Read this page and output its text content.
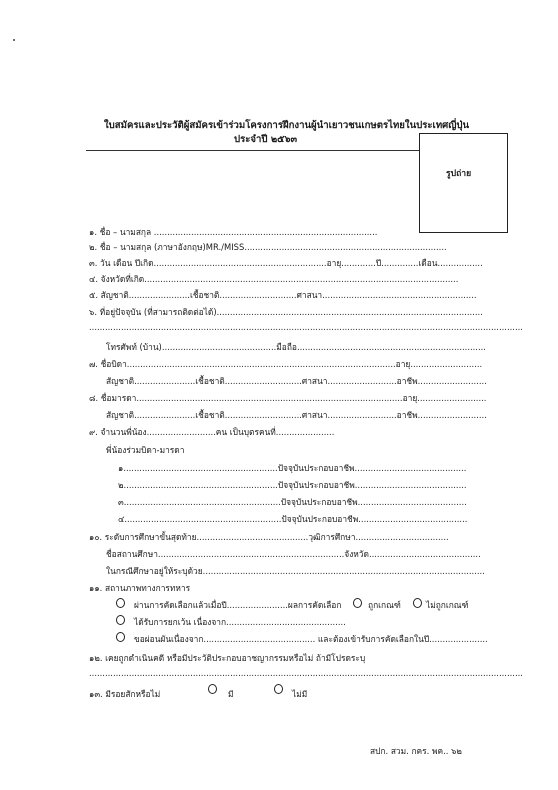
ใบสมัครและประวัติผู้สมัครเข้าร่วมโครงการฝึกงานผู้นำเยาวชนเกษตรไทยในประเทศญี่ปุ่น
ประจำปี ๒๕๖๓
รูปถ่าย
๑. ชื่อ – นามสกุล ....................................................................................
๒. ชื่อ – นามสกุล (ภาษาอังกฤษ)MR./MISS............................................................................
๓. วัน เดือน ปีเกิด.................................................................อายุ.............ปี..............เดือน.................
๔. จังหวัดที่เกิด......................................................................................................................
๕. สัญชาติ.......................เชื้อชาติ.............................ศาสนา..........................................................
๖. ที่อยู่ปัจจุบัน (ที่สามารถติดต่อได้)....................................................................................................
...................................................................................................................................................................
โทรศัพท์ (บ้าน)...........................................มือถือ.......................................................................
๗. ชื่อบิดา.....................................................................................................อายุ...........................
สัญชาติ.......................เชื้อชาติ.............................ศาสนา..........................อาชีพ..........................
๘. ชื่อมารดา....................................................................................................อายุ..........................
สัญชาติ.......................เชื้อชาติ.............................ศาสนา..........................อาชีพ..........................
๙. จำนวนพี่น้อง..........................คน เป็นบุตรคนที่......................
พี่น้องร่วมบิดา-มารดา
๑..........................................................ปัจจุบันประกอบอาชีพ..........................................
๒..........................................................ปัจจุบันประกอบอาชีพ..........................................
๓...........................................................ปัจจุบันประกอบอาชีพ.........................................
๔...........................................................ปัจจุบันประกอบอาชีพ.........................................
๑๐. ระดับการศึกษาขั้นสุดท้าย..........................................วุฒิการศึกษา...................................
ชื่อสถานศึกษา......................................................................จังหวัด..........................................
ในกรณีศึกษาอยู่ให้ระบุด้วย..........................................................................................................
๑๑. สถานภาพทางการทหาร
ผ่านการคัดเลือกแล้วเมื่อปี.......................ผลการคัดเลือก	ถูกเกณฑ์	ไม่ถูกเกณฑ์
ได้รับการยกเว้น เนื่องจาก.............................................
ขอผ่อนผันเนื่องจาก.......................................... และต้องเข้ารับการคัดเลือกในปี......................
๑๒. เคยถูกดำเนินคดี หรือมีประวัติประกอบอาชญากรรมหรือไม่ ถ้ามีโปรดระบุ
...................................................................................................................................................................
๑๓. มีรอยสักหรือไม่	มี	ไม่มี
สปก. สวม. กคร. พค.. ๖๒
